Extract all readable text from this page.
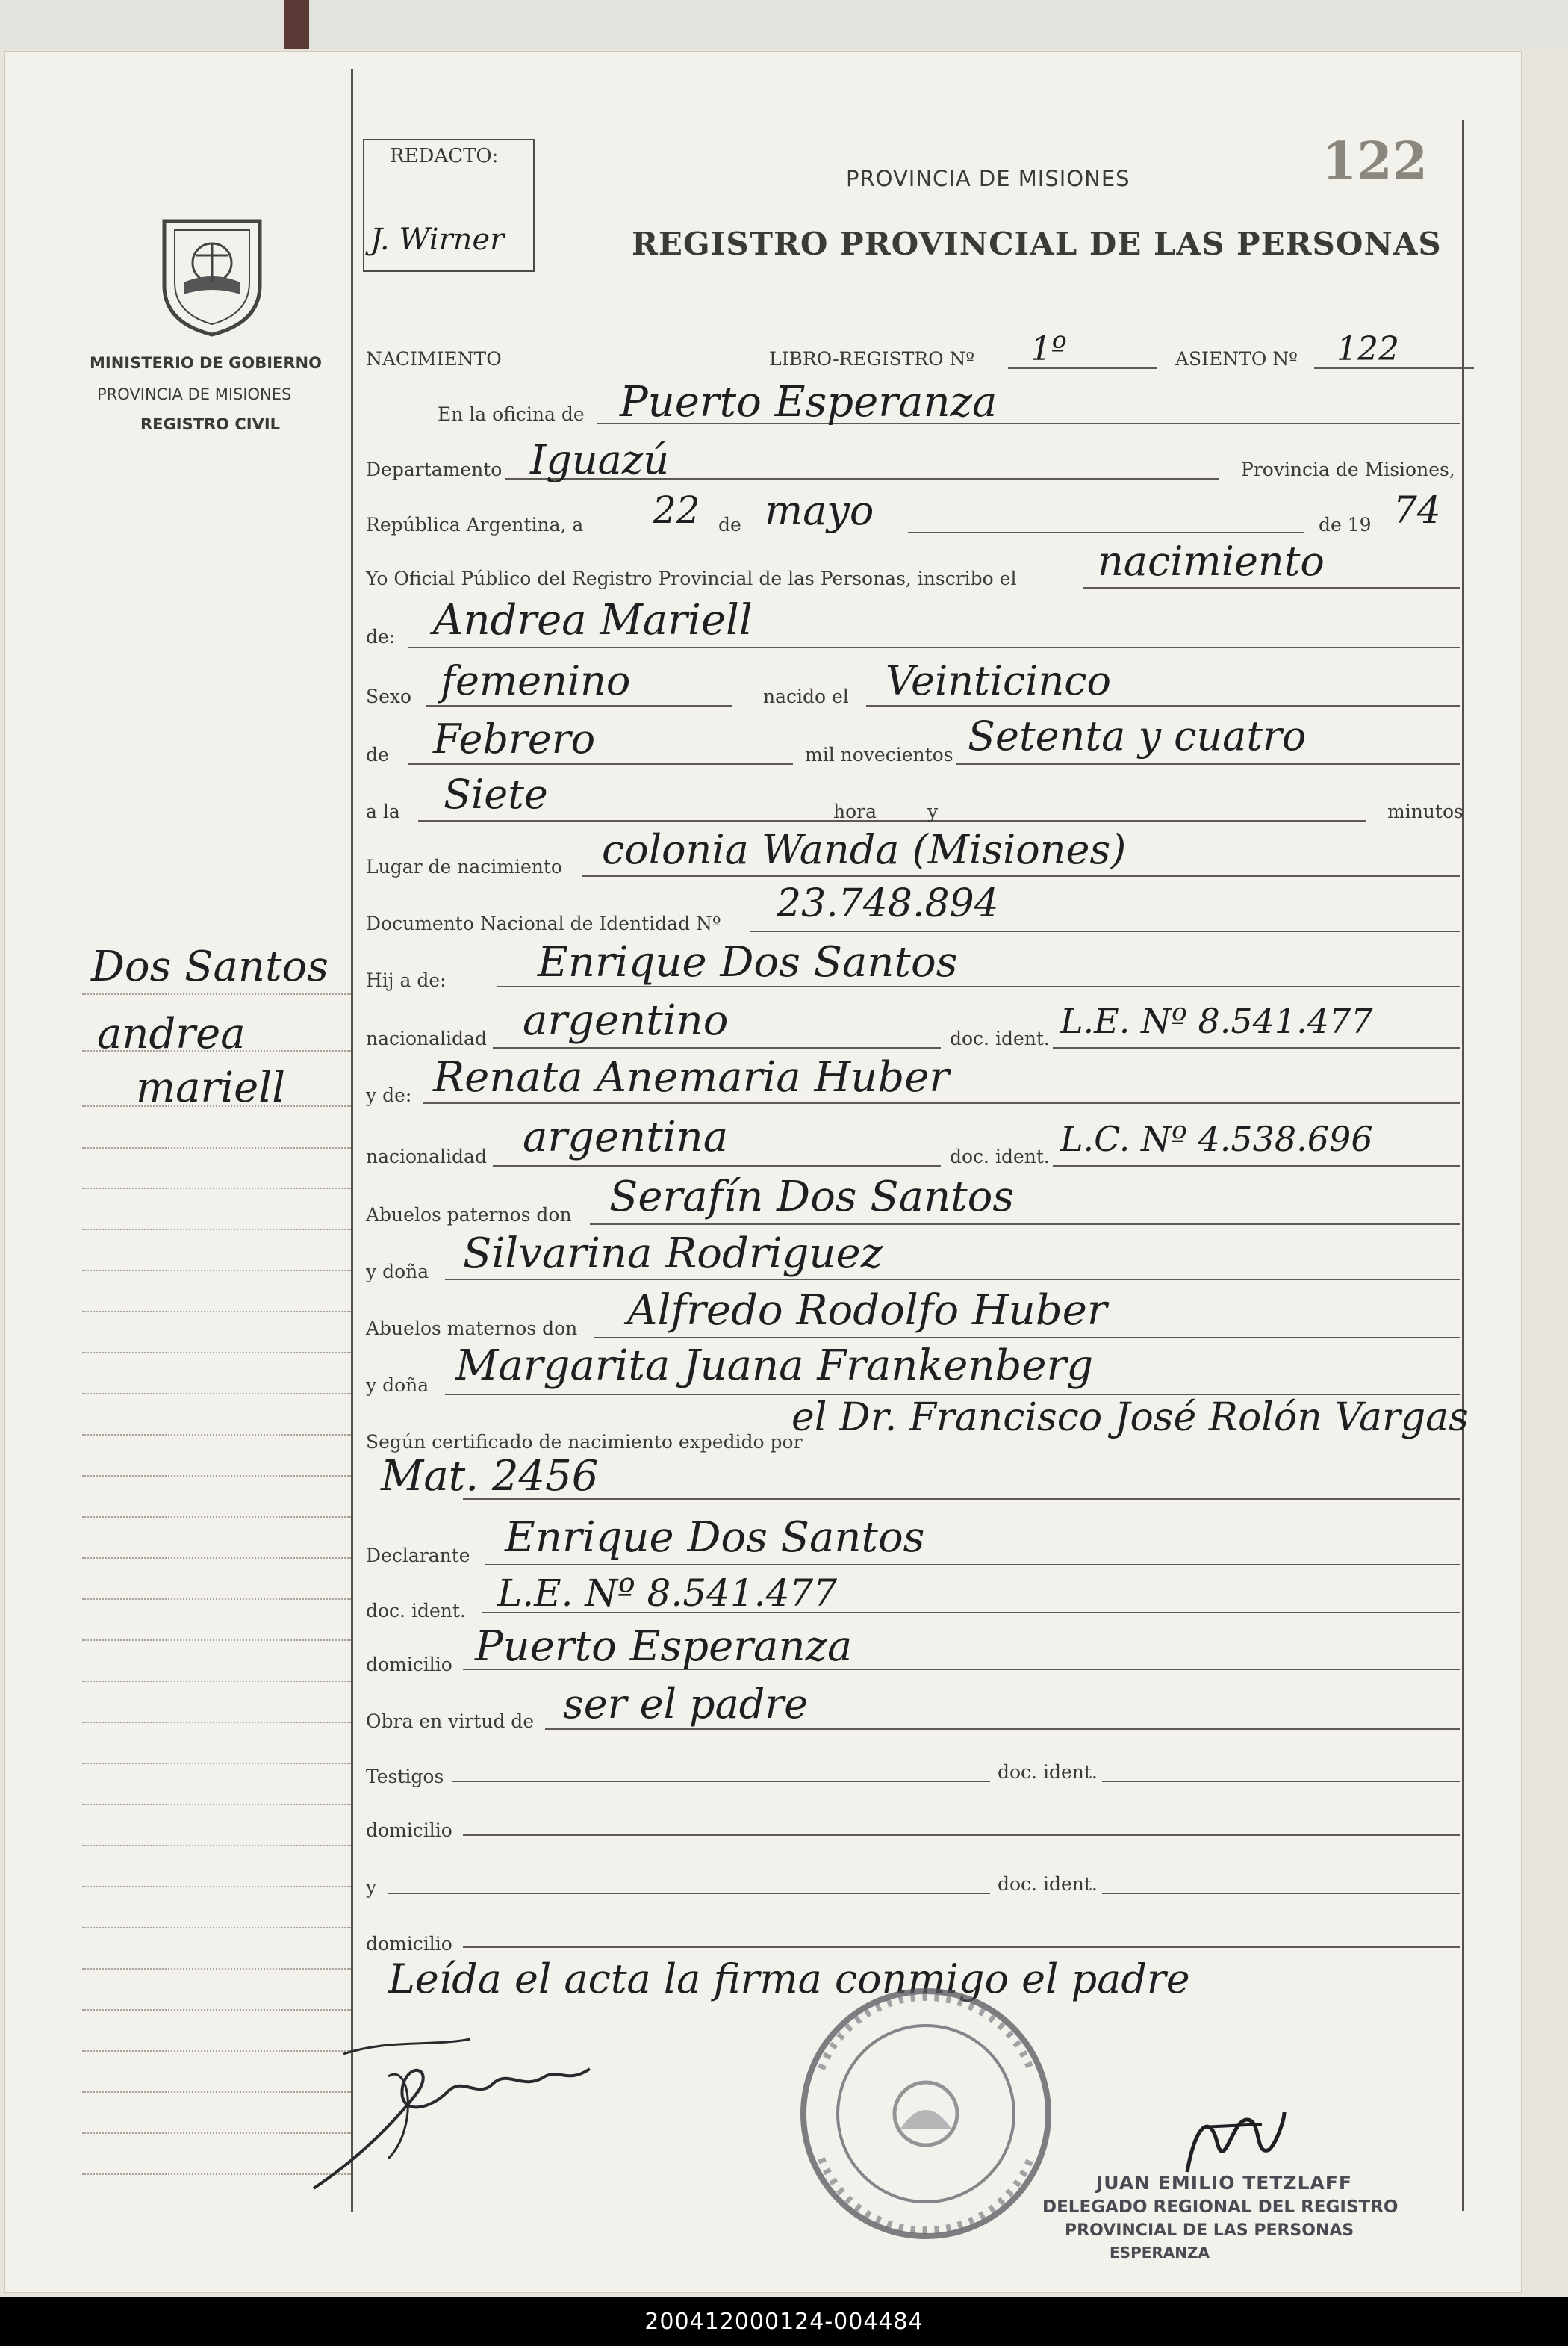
REDACTO:
J. Wirner
PROVINCIA DE MISIONES
REGISTRO PROVINCIAL DE LAS PERSONAS
122
MINISTERIO DE GOBIERNO
PROVINCIA DE MISIONES
REGISTRO CIVIL
Dos Santos
andrea
mariell
NACIMIENTO	LIBRO-REGISTRO Nº 1º	ASIENTO Nº 122
En la oficina de Puerto Esperanza
Departamento Iguazú	Provincia de Misiones,
República Argentina, a 22 de mayo	de 19 74
Yo Oficial Público del Registro Provincial de las Personas, inscribo el nacimiento
de: Andrea Mariell
Sexo femenino	nacido el Veinticinco
de Febrero	mil novecientos Setenta y cuatro
a la Siete	hora	y	minutos
Lugar de nacimiento colonia Wanda (Misiones)
Documento Nacional de Identidad Nº 23.748.894
Hij a de: Enrique Dos Santos
nacionalidad argentino	doc. ident. L.E. Nº 8.541.477
y de: Renata Anemaria Huber
nacionalidad argentina	doc. ident. L.C. Nº 4.538.696
Abuelos paternos don Serafín Dos Santos
y doña Silvarina Rodriguez
Abuelos maternos don Alfredo Rodolfo Huber
y doña Margarita Juana Frankenberg
Según certificado de nacimiento expedido por
el Dr. Francisco José Rolón Vargas
Mat. 2456
Declarante Enrique Dos Santos
doc. ident. L.E. Nº 8.541.477
domicilio Puerto Esperanza
Obra en virtud de ser el padre
Testigos	doc. ident.
domicilio
y	doc. ident.
domicilio
Leída el acta la firma conmigo el padre
JUAN EMILIO TETZLAFF
DELEGADO REGIONAL DEL REGISTRO
PROVINCIAL DE LAS PERSONAS
ESPERANZA
200412000124-004484
